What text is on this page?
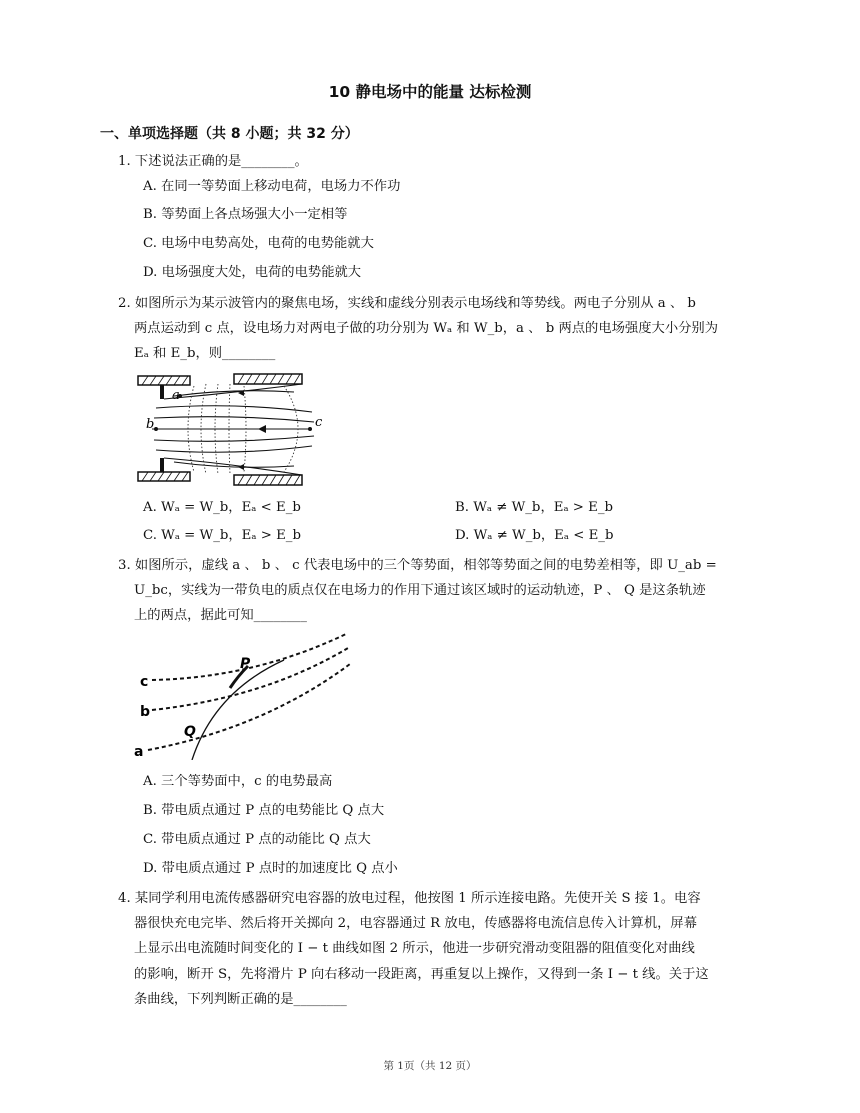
10 静电场中的能量 达标检测
一、单项选择题（共 8 小题；共 32 分）
1. 下述说法正确的是________。
A. 在同一等势面上移动电荷，电场力不作功
B. 等势面上各点场强大小一定相等
C. 电场中电势高处，电荷的电势能就大
D. 电场强度大处，电荷的电势能就大
2. 如图所示为某示波管内的聚焦电场，实线和虚线分别表示电场线和等势线。两电子分别从 a 、 b
两点运动到 c 点，设电场力对两电子做的功分别为 Wₐ 和 W_b，a 、 b 两点的电场强度大小分别为
Eₐ 和 E_b，则________
a
b	c
A. Wₐ = W_b，Eₐ < E_b	B. Wₐ ≠ W_b，Eₐ > E_b
C. Wₐ = W_b，Eₐ > E_b	D. Wₐ ≠ W_b，Eₐ < E_b
3. 如图所示，虚线 a 、 b 、 c 代表电场中的三个等势面，相邻等势面之间的电势差相等，即 U_ab =
U_bc，实线为一带负电的质点仅在电场力的作用下通过该区域时的运动轨迹，P 、 Q 是这条轨迹
上的两点，据此可知________
c
b
a
P
Q
A. 三个等势面中，c 的电势最高
B. 带电质点通过 P 点的电势能比 Q 点大
C. 带电质点通过 P 点的动能比 Q 点大
D. 带电质点通过 P 点时的加速度比 Q 点小
4. 某同学利用电流传感器研究电容器的放电过程，他按图 1 所示连接电路。先使开关 S 接 1。电容
器很快充电完毕、然后将开关掷向 2，电容器通过 R 放电，传感器将电流信息传入计算机，屏幕
上显示出电流随时间变化的 I − t 曲线如图 2 所示，他进一步研究滑动变阻器的阻值变化对曲线
的影响，断开 S，先将滑片 P 向右移动一段距离，再重复以上操作，又得到一条 I − t 线。关于这
条曲线，下列判断正确的是________
第 1页（共 12 页）
